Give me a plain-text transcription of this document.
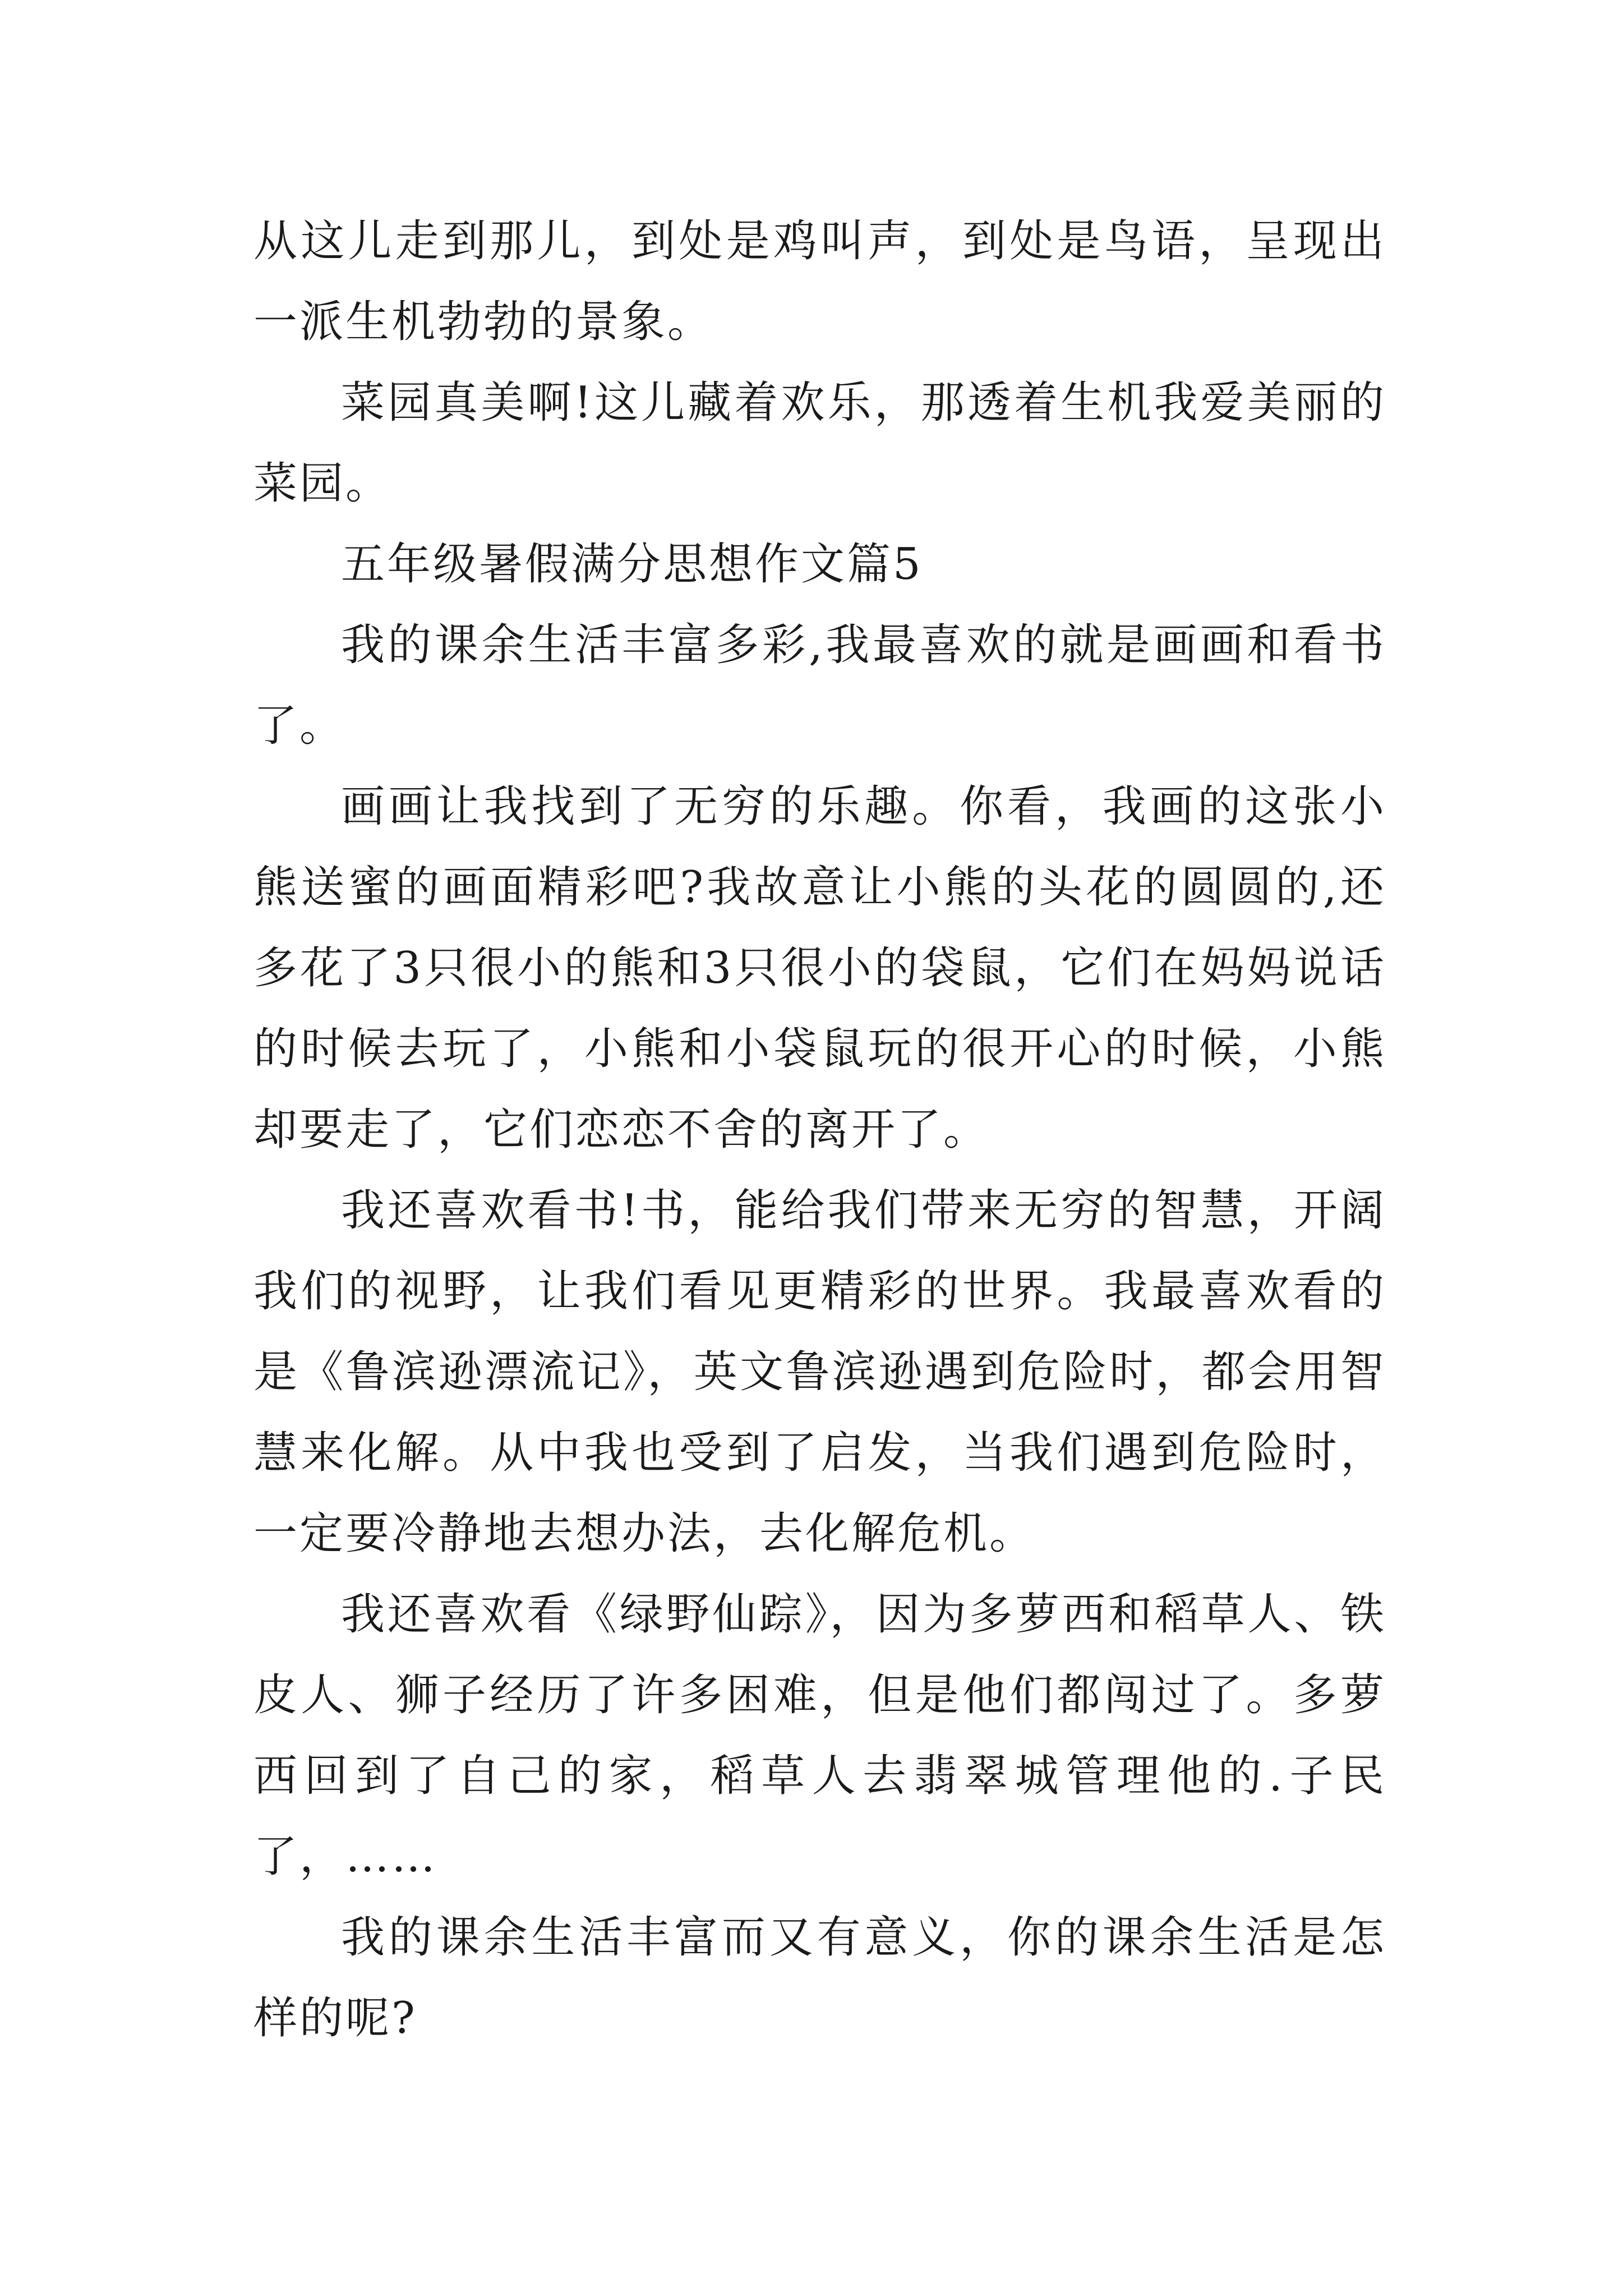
从这儿走到那儿，到处是鸡叫声，到处是鸟语，呈现出一派生机勃勃的景象。

菜园真美啊!这儿藏着欢乐，那透着生机我爱美丽的菜园。

五年级暑假满分思想作文篇5

我的课余生活丰富多彩,我最喜欢的就是画画和看书了。

画画让我找到了无穷的乐趣。你看，我画的这张小熊送蜜的画面精彩吧?我故意让小熊的头花的圆圆的,还多花了3只很小的熊和3只很小的袋鼠，它们在妈妈说话的时候去玩了，小熊和小袋鼠玩的很开心的时候，小熊却要走了，它们恋恋不舍的离开了。

我还喜欢看书!书，能给我们带来无穷的智慧，开阔我们的视野，让我们看见更精彩的世界。我最喜欢看的是《鲁滨逊漂流记》，英文鲁滨逊遇到危险时，都会用智慧来化解。从中我也受到了启发，当我们遇到危险时，一定要冷静地去想办法，去化解危机。

我还喜欢看《绿野仙踪》，因为多萝西和稻草人、铁皮人、狮子经历了许多困难，但是他们都闯过了。多萝西回到了自己的家，稻草人去翡翠城管理他的.子民了，……

我的课余生活丰富而又有意义，你的课余生活是怎样的呢?
